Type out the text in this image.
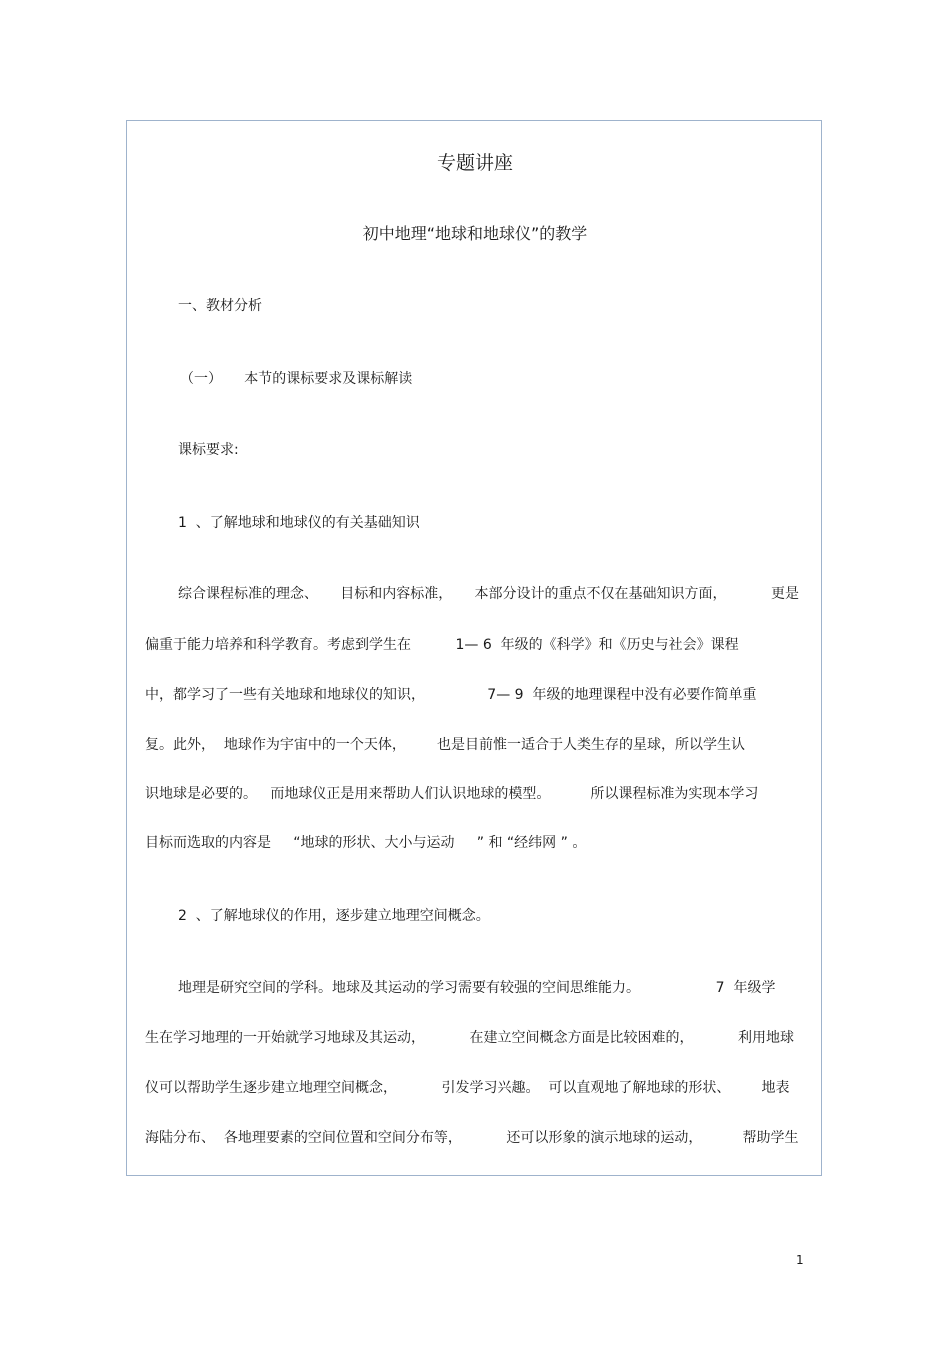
专题讲座
初中地理“地球和地球仪”的教学
一、教材分析
（一）     本节的课标要求及课标解读
课标要求:
1  、了解地球和地球仪的有关基础知识
综合课程标准的理念、     目标和内容标准，     本部分设计的重点不仅在基础知识方面，          更是
偏重于能力培养和科学教育。考虑到学生在          1— 6  年级的《科学》和《历史与社会》课程
中，都学习了一些有关地球和地球仪的知识，              7— 9  年级的地理课程中没有必要作简单重
复。此外，  地球作为宇宙中的一个天体，       也是目前惟一适合于人类生存的星球，所以学生认
识地球是必要的。   而地球仪正是用来帮助人们认识地球的模型。         所以课程标准为实现本学习
目标而选取的内容是     “地球的形状、大小与运动     ” 和 “经纬网 ” 。
2  、了解地球仪的作用，逐步建立地理空间概念。
地理是研究空间的学科。地球及其运动的学习需要有较强的空间思维能力。                 7  年级学
生在学习地理的一开始就学习地球及其运动，          在建立空间概念方面是比较困难的，          利用地球
仪可以帮助学生逐步建立地理空间概念，          引发学习兴趣。  可以直观地了解地球的形状、       地表
海陆分布、  各地理要素的空间位置和空间分布等，          还可以形象的演示地球的运动，         帮助学生
1
